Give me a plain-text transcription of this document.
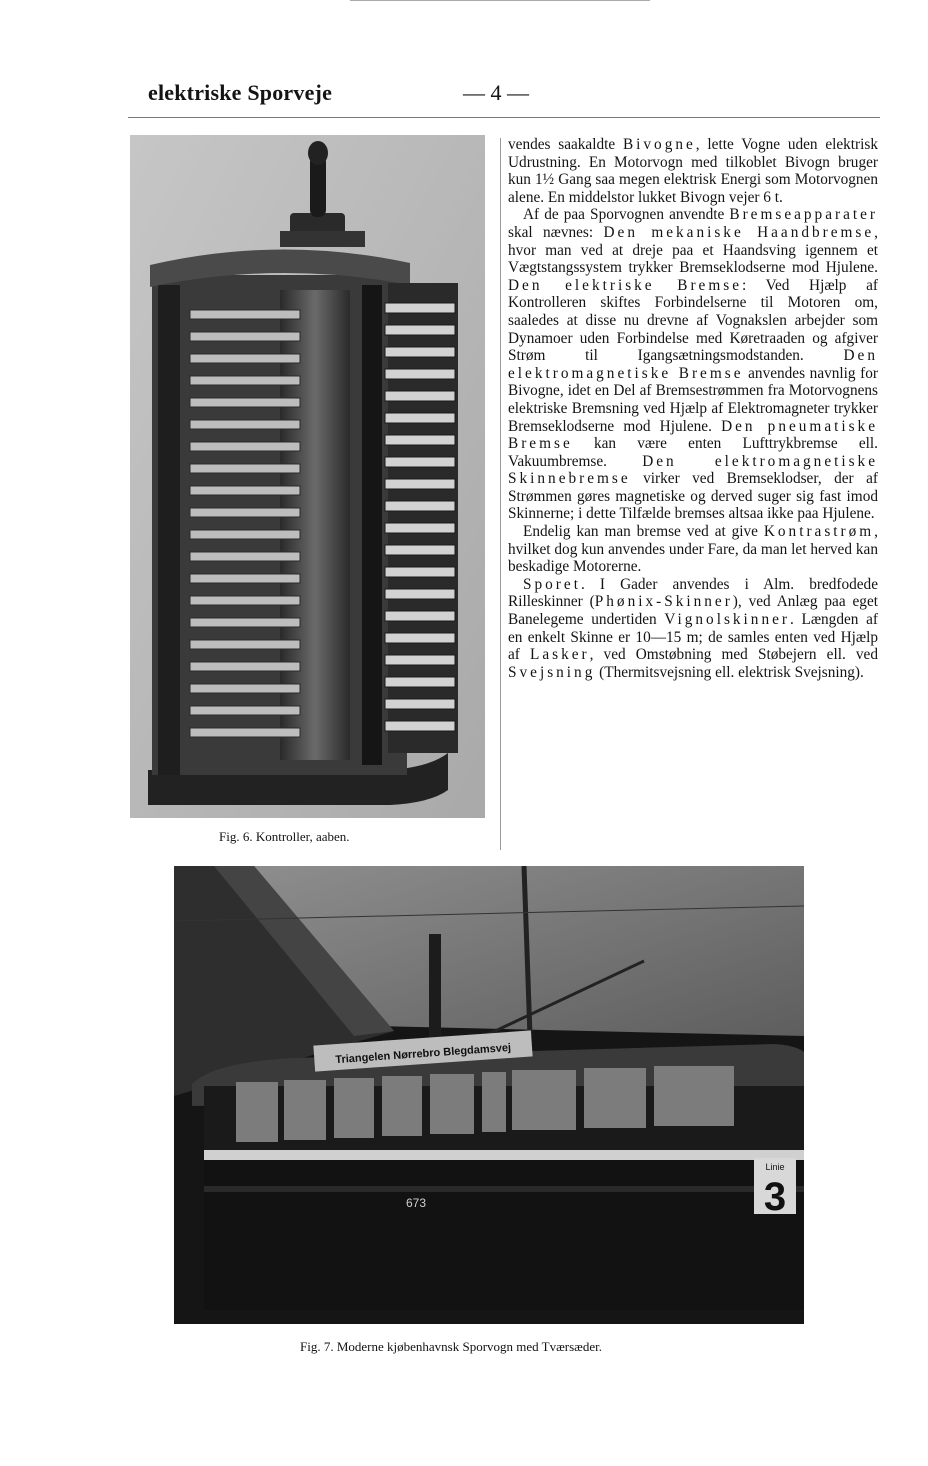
elektriske Sporveje	— 4 —
Fig. 6. Kontroller, aaben.

vendes saakaldte Bivogne, lette Vogne uden elektrisk Udrustning. En Motorvogn med tilkoblet Bivogn bruger kun 1½ Gang saa megen elektrisk Energi som Motorvognen alene. En middelstor lukket Bivogn vejer 6 t.

Af de paa Sporvognen anvendte Bremseapparater skal nævnes: Den mekaniske Haandbremse, hvor man ved at dreje paa et Haandsving igennem et Vægtstangssystem trykker Bremseklodserne mod Hjulene. Den elektriske Bremse: Ved Hjælp af Kontrolleren skiftes Forbindelserne til Motoren om, saaledes at disse nu drevne af Vognakslen arbejder som Dynamoer uden Forbindelse med Køretraaden og afgiver Strøm til Igangsætningsmodstanden. Den elektromagnetiske Bremse anvendes navnlig for Bivogne, idet en Del af Bremsestrømmen fra Motorvognens elektriske Bremsning ved Hjælp af Elektromagneter trykker Bremseklodserne mod Hjulene. Den pneumatiske Bremse kan være enten Lufttrykbremse ell. Vakuumbremse. Den elektromagnetiske Skinnebremse virker ved Bremseklodser, der af Strømmen gøres magnetiske og derved suger sig fast imod Skinnerne; i dette Tilfælde bremses altsaa ikke paa Hjulene.

Endelig kan man bremse ved at give Kontrastrøm, hvilket dog kun anvendes under Fare, da man let herved kan beskadige Motorerne.

Sporet. I Gader anvendes i Alm. bredfodede Rilleskinner (Phønix-Skinner), ved Anlæg paa eget Banelegeme undertiden Vignolskinner. Længden af en enkelt Skinne er 10—15 m; de samles enten ved Hjælp af Lasker, ved Omstøbning med Støbejern ell. ved Svejsning (Thermitsvejsning ell. elektrisk Svejsning).

Triangelen Nørrebro Blegdamsvej
673
Linie
3
Fig. 7. Moderne kjøbenhavnsk Sporvogn med Tværsæder.
